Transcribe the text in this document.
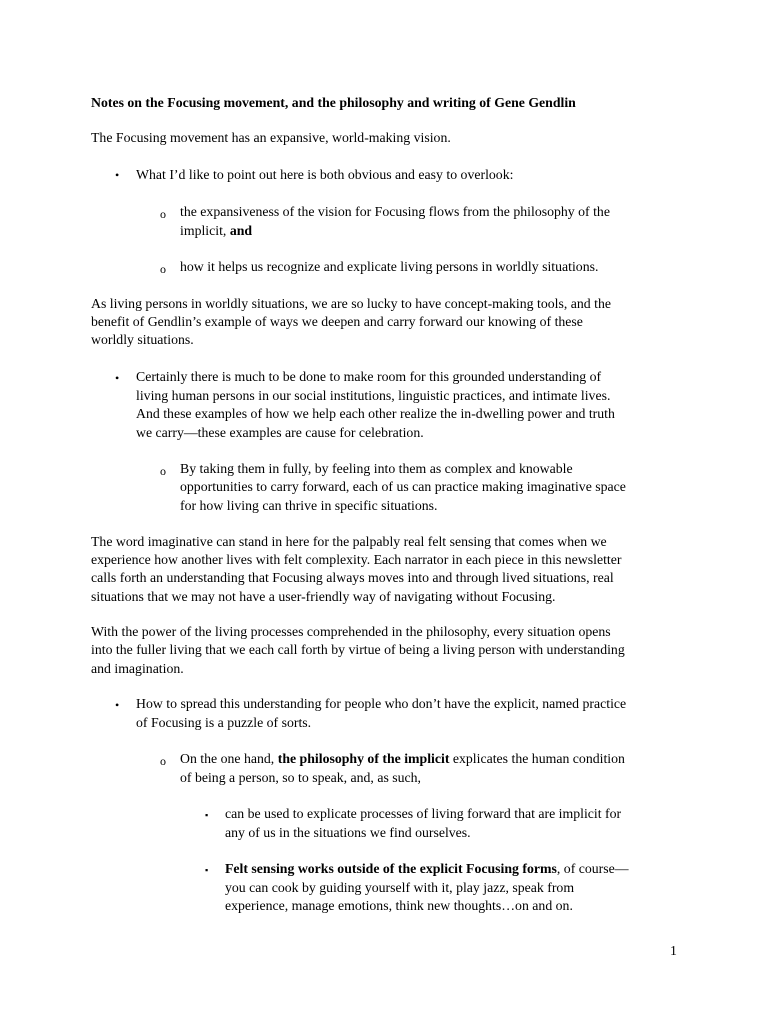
Notes on the Focusing movement, and the philosophy and writing of Gene Gendlin
The Focusing movement has an expansive, world-making vision.
• What I’d like to point out here is both obvious and easy to overlook:
o the expansiveness of the vision for Focusing flows from the philosophy of the
implicit, and
o how it helps us recognize and explicate living persons in worldly situations.
As living persons in worldly situations, we are so lucky to have concept-making tools, and the
benefit of Gendlin’s example of ways we deepen and carry forward our knowing of these
worldly situations.
• Certainly there is much to be done to make room for this grounded understanding of
living human persons in our social institutions, linguistic practices, and intimate lives.
And these examples of how we help each other realize the in-dwelling power and truth
we carry—these examples are cause for celebration.
o By taking them in fully, by feeling into them as complex and knowable
opportunities to carry forward, each of us can practice making imaginative space
for how living can thrive in specific situations.
The word imaginative can stand in here for the palpably real felt sensing that comes when we
experience how another lives with felt complexity. Each narrator in each piece in this newsletter
calls forth an understanding that Focusing always moves into and through lived situations, real
situations that we may not have a user-friendly way of navigating without Focusing.
With the power of the living processes comprehended in the philosophy, every situation opens
into the fuller living that we each call forth by virtue of being a living person with understanding
and imagination.
• How to spread this understanding for people who don’t have the explicit, named practice
of Focusing is a puzzle of sorts.
o On the one hand, the philosophy of the implicit explicates the human condition
of being a person, so to speak, and, as such,
▪ can be used to explicate processes of living forward that are implicit for
any of us in the situations we find ourselves.
▪ Felt sensing works outside of the explicit Focusing forms, of course—
you can cook by guiding yourself with it, play jazz, speak from
experience, manage emotions, think new thoughts…on and on.
1
